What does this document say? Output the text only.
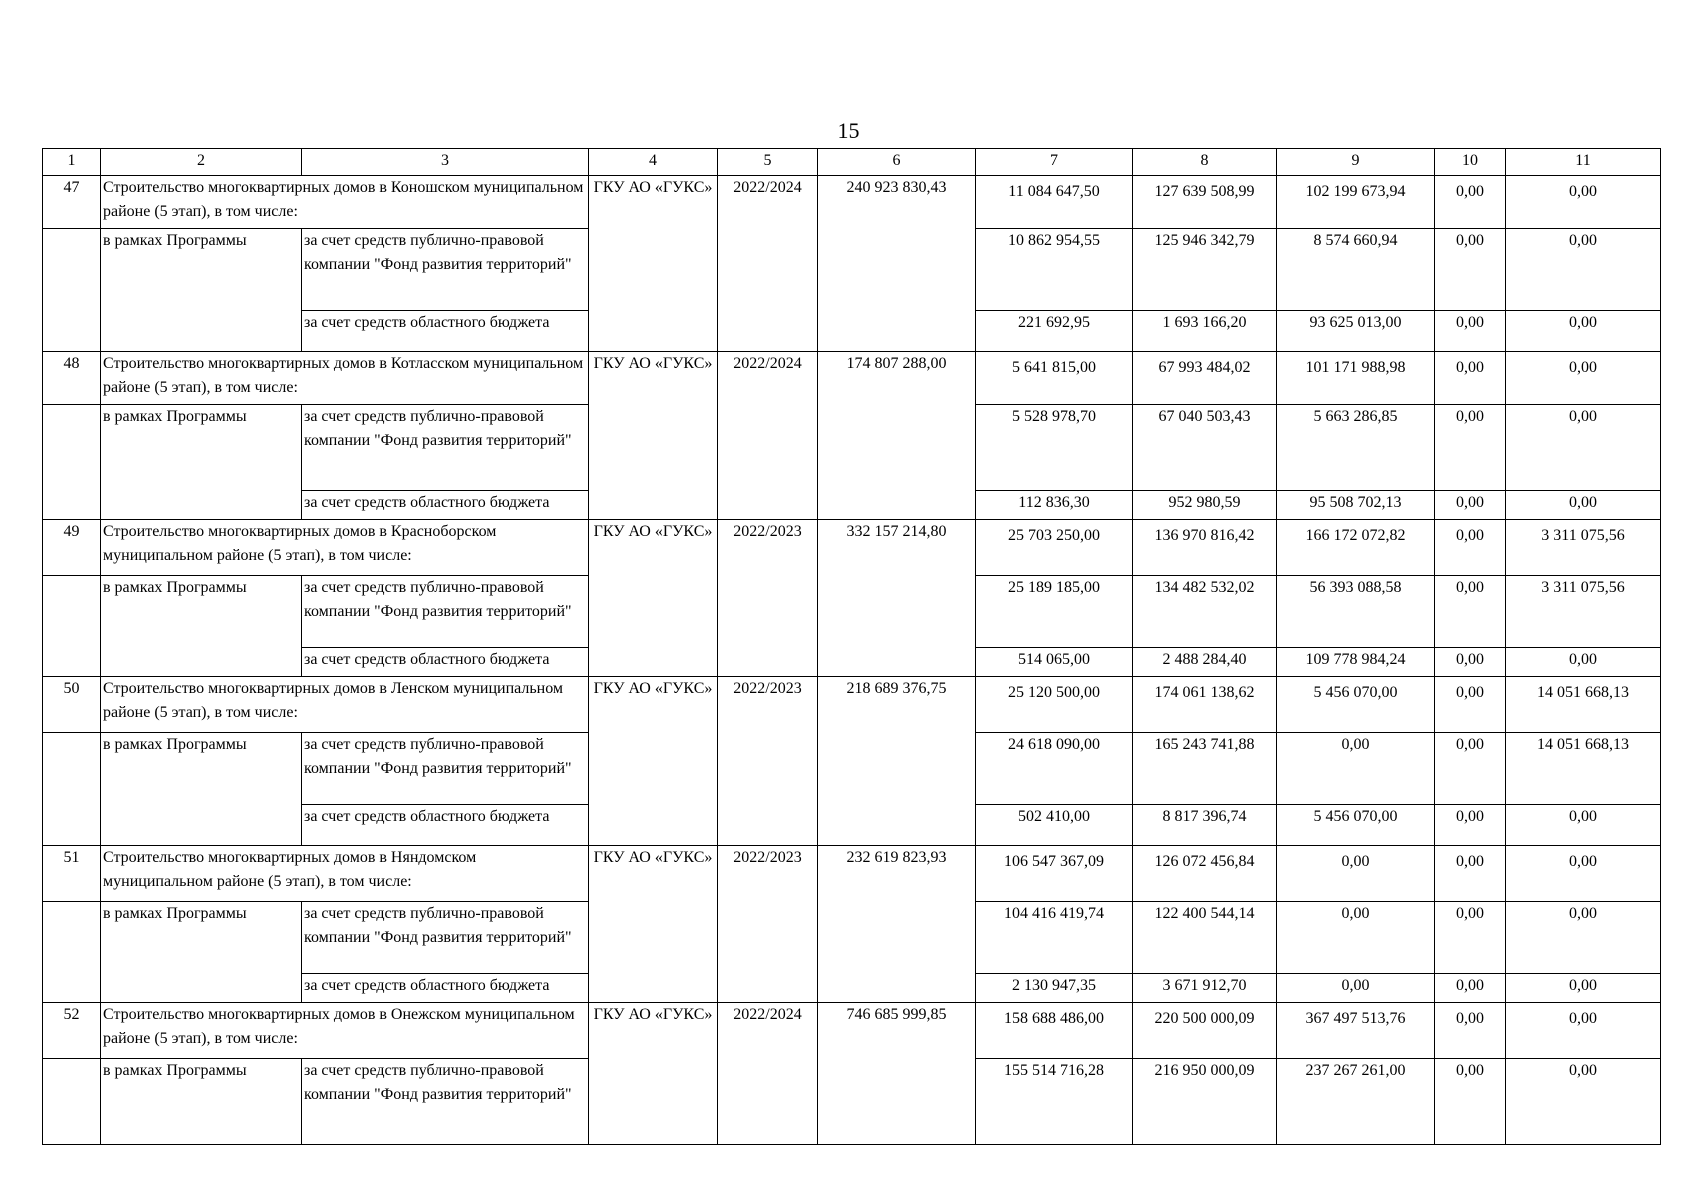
15
1	2	3	4	5	6	7	8	9	10	11
47	Строительство многоквартирных домов в Коношском муниципальном районе (5 этап), в том числе:		ГКУ АО «ГУКС»	2022/2024	240 923 830,43	11 084 647,50	127 639 508,99	102 199 673,94	0,00	0,00
	в рамках Программы	за счет средств публично-правовой компании "Фонд развития территорий"				10 862 954,55	125 946 342,79	8 574 660,94	0,00	0,00
		за счет средств областного бюджета				221 692,95	1 693 166,20	93 625 013,00	0,00	0,00
48	Строительство многоквартирных домов в Котласском муниципальном районе (5 этап), в том числе:		ГКУ АО «ГУКС»	2022/2024	174 807 288,00	5 641 815,00	67 993 484,02	101 171 988,98	0,00	0,00
	в рамках Программы	за счет средств публично-правовой компании "Фонд развития территорий"				5 528 978,70	67 040 503,43	5 663 286,85	0,00	0,00
		за счет средств областного бюджета				112 836,30	952 980,59	95 508 702,13	0,00	0,00
49	Строительство многоквартирных домов в Красноборском муниципальном районе (5 этап), в том числе:		ГКУ АО «ГУКС»	2022/2023	332 157 214,80	25 703 250,00	136 970 816,42	166 172 072,82	0,00	3 311 075,56
	в рамках Программы	за счет средств публично-правовой компании "Фонд развития территорий"				25 189 185,00	134 482 532,02	56 393 088,58	0,00	3 311 075,56
		за счет средств областного бюджета				514 065,00	2 488 284,40	109 778 984,24	0,00	0,00
50	Строительство многоквартирных домов в Ленском муниципальном районе (5 этап), в том числе:		ГКУ АО «ГУКС»	2022/2023	218 689 376,75	25 120 500,00	174 061 138,62	5 456 070,00	0,00	14 051 668,13
	в рамках Программы	за счет средств публично-правовой компании "Фонд развития территорий"				24 618 090,00	165 243 741,88	0,00	0,00	14 051 668,13
		за счет средств областного бюджета				502 410,00	8 817 396,74	5 456 070,00	0,00	0,00
51	Строительство многоквартирных домов в Няндомском муниципальном районе (5 этап), в том числе:		ГКУ АО «ГУКС»	2022/2023	232 619 823,93	106 547 367,09	126 072 456,84	0,00	0,00	0,00
	в рамках Программы	за счет средств публично-правовой компании "Фонд развития территорий"				104 416 419,74	122 400 544,14	0,00	0,00	0,00
		за счет средств областного бюджета				2 130 947,35	3 671 912,70	0,00	0,00	0,00
52	Строительство многоквартирных домов в Онежском муниципальном районе (5 этап), в том числе:		ГКУ АО «ГУКС»	2022/2024	746 685 999,85	158 688 486,00	220 500 000,09	367 497 513,76	0,00	0,00
	в рамках Программы	за счет средств публично-правовой компании "Фонд развития территорий"				155 514 716,28	216 950 000,09	237 267 261,00	0,00	0,00
